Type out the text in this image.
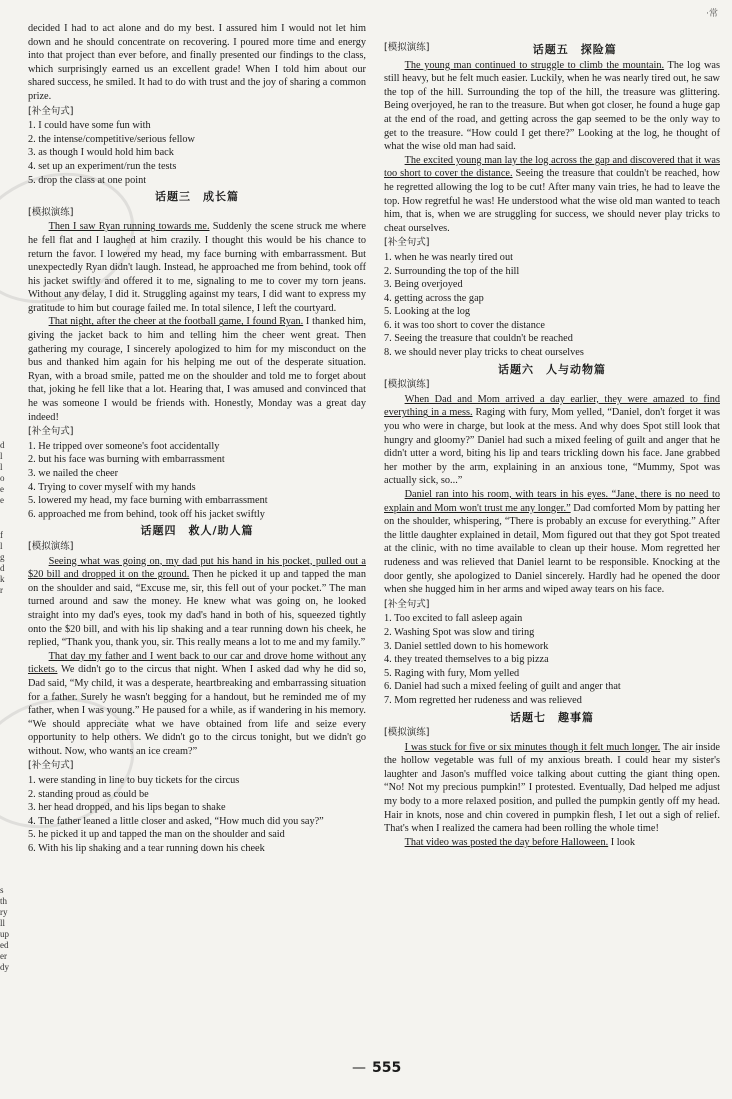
·常
d
l
l
o
e
e
f
l
g
d
k
r
s
th
ry
ll
up
ed
er
dy

decided I had to act alone and do my best. I assured him I would not let him down and he should concentrate on recovering. I poured more time and energy into that project than ever before, and finally presented our findings to the class, which surprisingly earned us an excellent grade! When I told him about our shared success, he smiled. It had to do with trust and the joy of sharing a common prize.

[补全句式]
1. I could have some fun with
2. the intense/competitive/serious fellow
3. as though I would hold him back
4. set up an experiment/run the tests
5. drop the class at one point
话题三　成长篇
[模拟演练]

Then I saw Ryan running towards me. Suddenly the scene struck me where he fell flat and I laughed at him crazily. I thought this would be his chance to return the favor. I lowered my head, my face burning with embarrassment. But unexpectedly Ryan didn't laugh. Instead, he approached me from behind, took off his jacket swiftly and offered it to me, signaling to me to cover my torn jeans. Without any delay, I did it. Struggling against my tears, I did want to express my gratitude to him but courage failed me. In total silence, I left the courtyard.

That night, after the cheer at the football game, I found Ryan. I thanked him, giving the jacket back to him and telling him the cheer went great. Then gathering my courage, I sincerely apologized to him for my misconduct on the bus and thanked him again for his helping me out of the desperate situation. Ryan, with a broad smile, patted me on the shoulder and told me to forget about that, joking he fell like that a lot. Hearing that, I was amused and convinced that he was someone I would be friends with. Honestly, Monday was a great day indeed!

[补全句式]
1. He tripped over someone's foot accidentally
2. but his face was burning with embarrassment
3. we nailed the cheer
4. Trying to cover myself with my hands
5. lowered my head, my face burning with embarrassment
6. approached me from behind, took off his jacket swiftly
话题四　救人/助人篇
[模拟演练]

Seeing what was going on, my dad put his hand in his pocket, pulled out a $20 bill and dropped it on the ground. Then he picked it up and tapped the man on the shoulder and said, “Excuse me, sir, this fell out of your pocket.” The man turned around and saw the money. He knew what was going on, he looked straight into my dad's eyes, took my dad's hand in both of his, squeezed tightly onto the $20 bill, and with his lip shaking and a tear running down his cheek, he replied, “Thank you, thank you, sir. This really means a lot to me and my family.”

That day my father and I went back to our car and drove home without any tickets. We didn't go to the circus that night. When I asked dad why he did so, Dad said, “My child, it was a desperate, heartbreaking and embarrassing situation for a father. Surely he wasn't begging for a handout, but he reminded me of my father, when I was young.” He paused for a while, as if wandering in his memory. “We should appreciate what we have obtained from life and seize every opportunity to help others. We didn't go to the circus tonight, but we didn't go without. Now, who wants an ice cream?”

[补全句式]
1. were standing in line to buy tickets for the circus
2. standing proud as could be
3. her head dropped, and his lips began to shake
4. The father leaned a little closer and asked, “How much did you say?”
5. he picked it up and tapped the man on the shoulder and said
6. With his lip shaking and a tear running down his cheek
[模拟演练]	话题五　探险篇

The young man continued to struggle to climb the mountain. The log was still heavy, but he felt much easier. Luckily, when he was nearly tired out, he saw the top of the hill. Surrounding the top of the hill, the treasure was glittering. Being overjoyed, he ran to the treasure. But when got closer, he found a huge gap at the end of the road, and getting across the gap seemed to be the only way to get to the treasure. “How could I get there?” Looking at the log, he thought of what the wise old man had said.

The excited young man lay the log across the gap and discovered that it was too short to cover the distance. Seeing the treasure that couldn't be reached, how he regretted allowing the log to be cut! After many vain tries, he had to leave the top. How regretful he was! He understood what the wise old man wanted to teach him, that is, when we are struggling for success, we should never play tricks to cheat ourselves.

[补全句式]
1. when he was nearly tired out
2. Surrounding the top of the hill
3. Being overjoyed
4. getting across the gap
5. Looking at the log
6. it was too short to cover the distance
7. Seeing the treasure that couldn't be reached
8. we should never play tricks to cheat ourselves
话题六　人与动物篇
[模拟演练]

When Dad and Mom arrived a day earlier, they were amazed to find everything in a mess. Raging with fury, Mom yelled, “Daniel, don't forget it was you who were in charge, but look at the mess. And why does Spot still look that hungry and gloomy?” Daniel had such a mixed feeling of guilt and anger that he didn't utter a word, biting his lip and tears trickling down his face. Jane grabbed her mother by the arm, explaining in an anxious tone, “Mummy, Spot was actually sick, so...”

Daniel ran into his room, with tears in his eyes. “Jane, there is no need to explain and Mom won't trust me any longer.” Dad comforted Mom by patting her on the shoulder, whispering, “There is probably an excuse for everything.” After the little daughter explained in detail, Mom figured out that they got Spot treated at the clinic, with no time available to clean up their house. Mom regretted her rudeness and was relieved that Daniel learnt to be responsible. Knocking at the door gently, she apologized to Daniel sincerely. Hardly had he opened the door when she hugged him in her arms and wiped away tears on his face.

[补全句式]
1. Too excited to fall asleep again
2. Washing Spot was slow and tiring
3. Daniel settled down to his homework
4. they treated themselves to a big pizza
5. Raging with fury, Mom yelled
6. Daniel had such a mixed feeling of guilt and anger that
7. Mom regretted her rudeness and was relieved
话题七　趣事篇
[模拟演练]

I was stuck for five or six minutes though it felt much longer. The air inside the hollow vegetable was full of my anxious breath. I could hear my sister's laughter and Jason's muffled voice talking about cutting the giant thing open. “No! Not my precious pumpkin!” I protested. Eventually, Dad helped me adjust my body to a more relaxed position, and pulled the pumpkin gently off my head. Hair in knots, nose and chin covered in pumpkin flesh, I let out a sigh of relief. That's when I realized the camera had been rolling the whole time!

That video was posted the day before Halloween. I look

— 555
